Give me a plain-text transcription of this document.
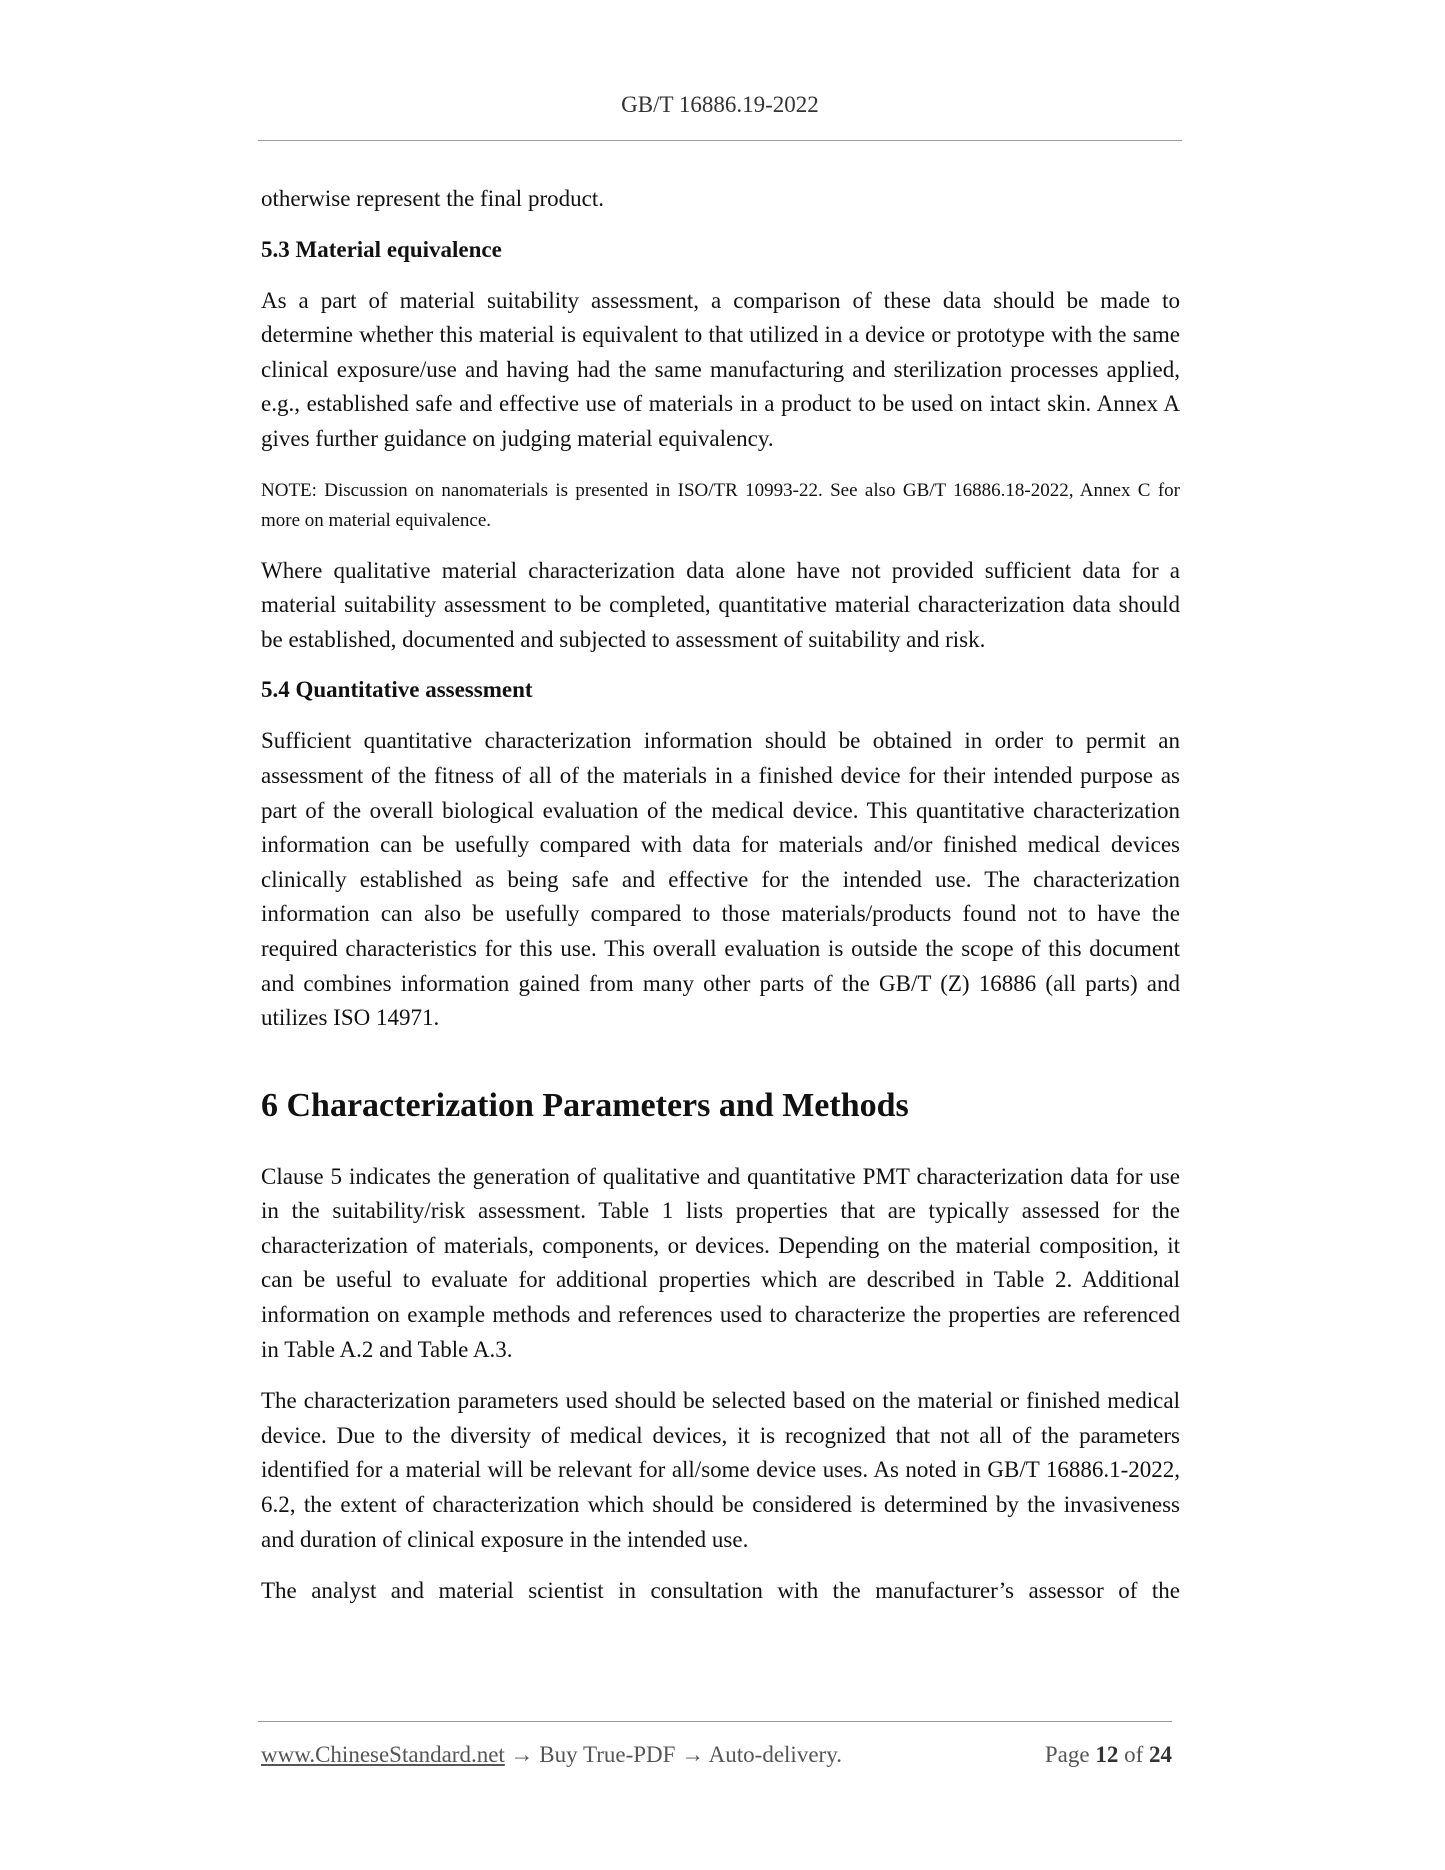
GB/T 16886.19-2022

otherwise represent the final product.

5.3 Material equivalence

As a part of material suitability assessment, a comparison of these data should be made to determine whether this material is equivalent to that utilized in a device or prototype with the same clinical exposure/use and having had the same manufacturing and sterilization processes applied, e.g., established safe and effective use of materials in a product to be used on intact skin. Annex A gives further guidance on judging material equivalency.

NOTE: Discussion on nanomaterials is presented in ISO/TR 10993-22. See also GB/T 16886.18-2022, Annex C for more on material equivalence.

Where qualitative material characterization data alone have not provided sufficient data for a material suitability assessment to be completed, quantitative material characterization data should be established, documented and subjected to assessment of suitability and risk.

5.4 Quantitative assessment

Sufficient quantitative characterization information should be obtained in order to permit an assessment of the fitness of all of the materials in a finished device for their intended purpose as part of the overall biological evaluation of the medical device. This quantitative characterization information can be usefully compared with data for materials and/or finished medical devices clinically established as being safe and effective for the intended use. The characterization information can also be usefully compared to those materials/products found not to have the required characteristics for this use. This overall evaluation is outside the scope of this document and combines information gained from many other parts of the GB/T (Z) 16886 (all parts) and utilizes ISO 14971.

6 Characterization Parameters and Methods

Clause 5 indicates the generation of qualitative and quantitative PMT characterization data for use in the suitability/risk assessment. Table 1 lists properties that are typically assessed for the characterization of materials, components, or devices. Depending on the material composition, it can be useful to evaluate for additional properties which are described in Table 2. Additional information on example methods and references used to characterize the properties are referenced in Table A.2 and Table A.3.

The characterization parameters used should be selected based on the material or finished medical device. Due to the diversity of medical devices, it is recognized that not all of the parameters identified for a material will be relevant for all/some device uses. As noted in GB/T 16886.1-2022, 6.2, the extent of characterization which should be considered is determined by the invasiveness and duration of clinical exposure in the intended use.

The analyst and material scientist in consultation with the manufacturer’s assessor of the

www.ChineseStandard.net → Buy True-PDF → Auto-delivery.	Page 12 of 24
